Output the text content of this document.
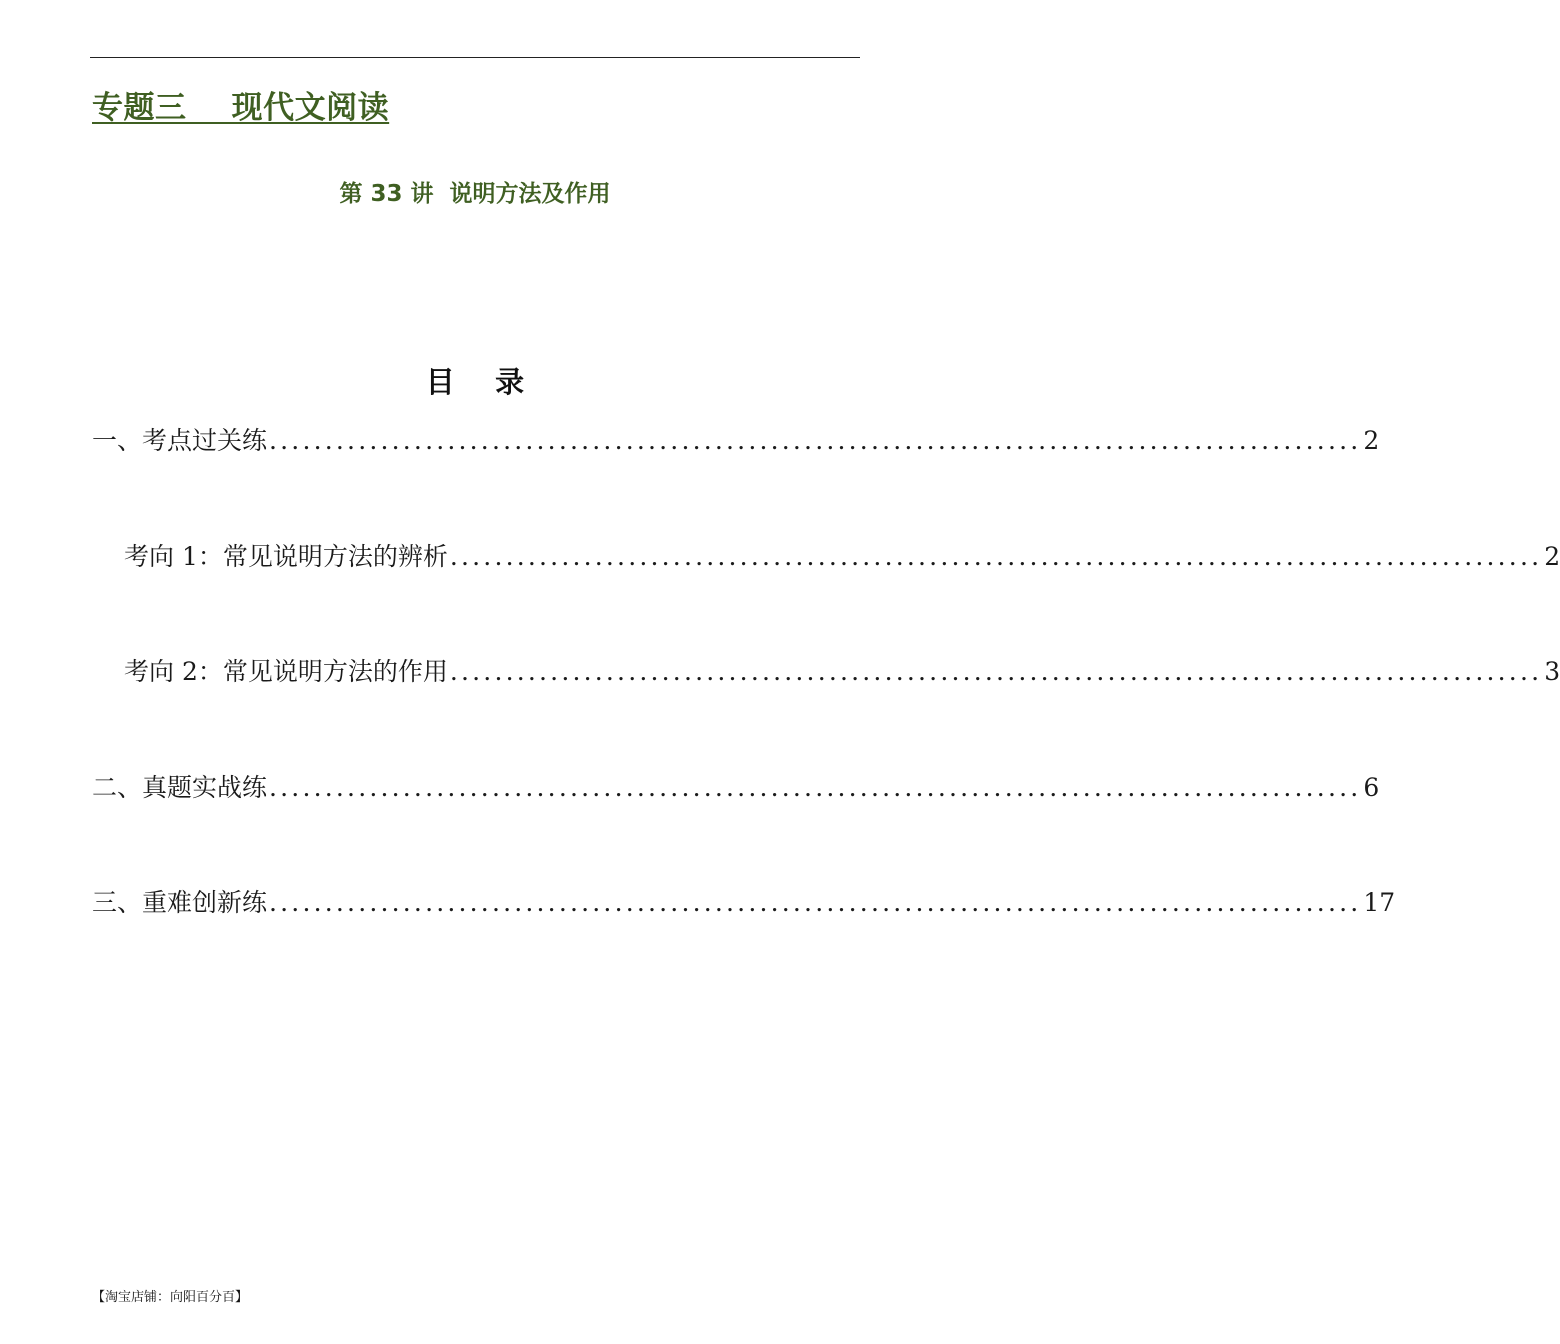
专题三    现代文阅读
第 33 讲  说明方法及作用
目    录
一、考点过关练 .................................................................................................. 2
考向 1：常见说明方法的辨析 .................................................................................................. 2
考向 2：常见说明方法的作用 .................................................................................................. 3
二、真题实战练 .................................................................................................. 6
三、重难创新练 .................................................................................................. 17
【淘宝店铺：向阳百分百】
